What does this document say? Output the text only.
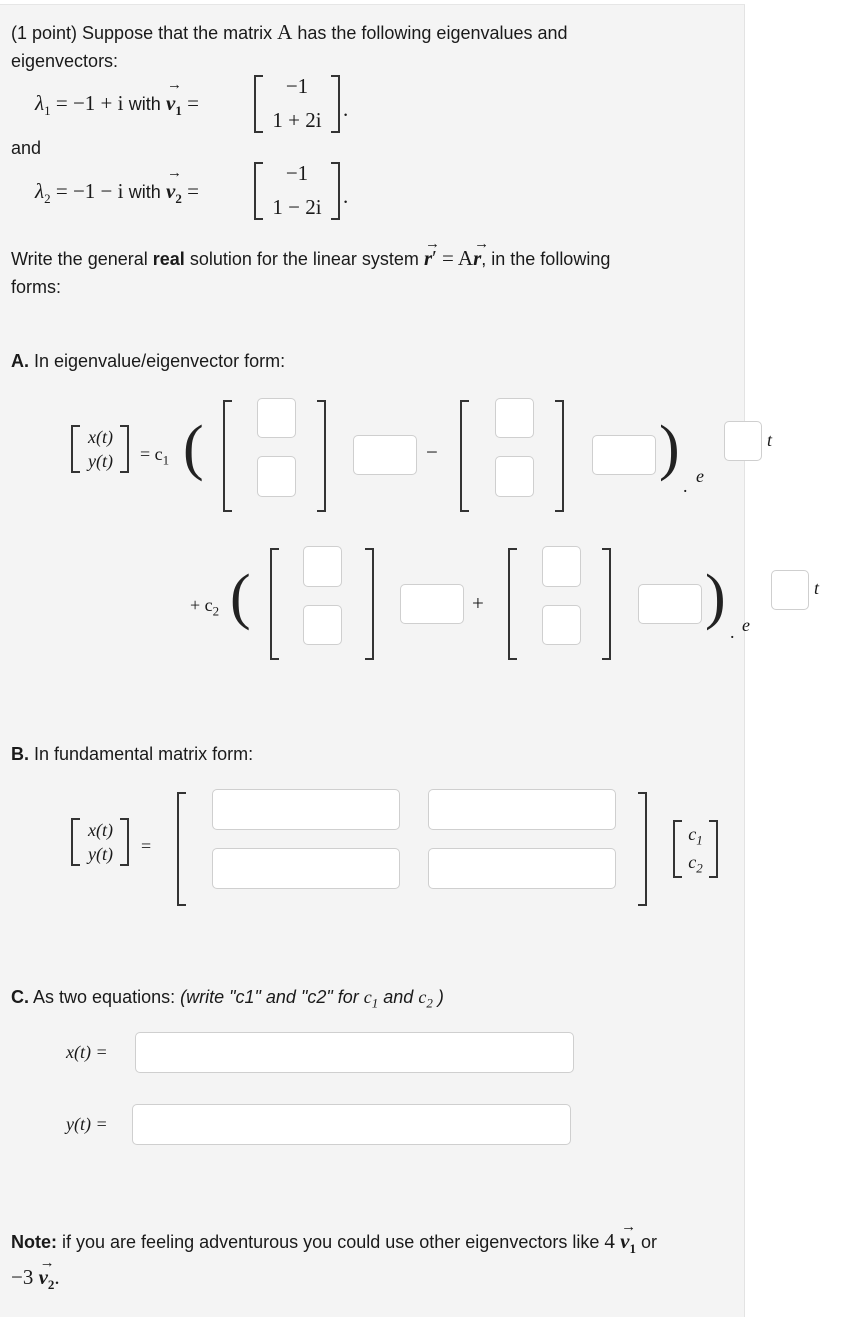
(1 point) Suppose that the matrix A has the following eigenvalues and
eigenvectors:
$\lambda_1 = -1 + i$ with
→
$v_1$ =
−1
1 + 2i	.
and
$\lambda_2 = -1 - i$ with
→
$v_2$ =
−1
1 − 2i	.
Write the general real solution for the linear system
→
r′ = A
→
r, in the following
forms:
A. In eigenvalue/eigenvector form:
x(t)
y(t)	= $c_1$ (	−	)
. e
t
+ $c_2$ (	+	)
. e
t
B. In fundamental matrix form:
x(t)
y(t)	=
$c_1$
$c_2$
C. As two equations: (write "c1" and "c2" for $c_1$ and $c_2$ )
x(t) =
y(t) =
Note: if you are feeling adventurous you could use other eigenvectors like 4
→
$v_1$ or
−3
→
$v_2$.
